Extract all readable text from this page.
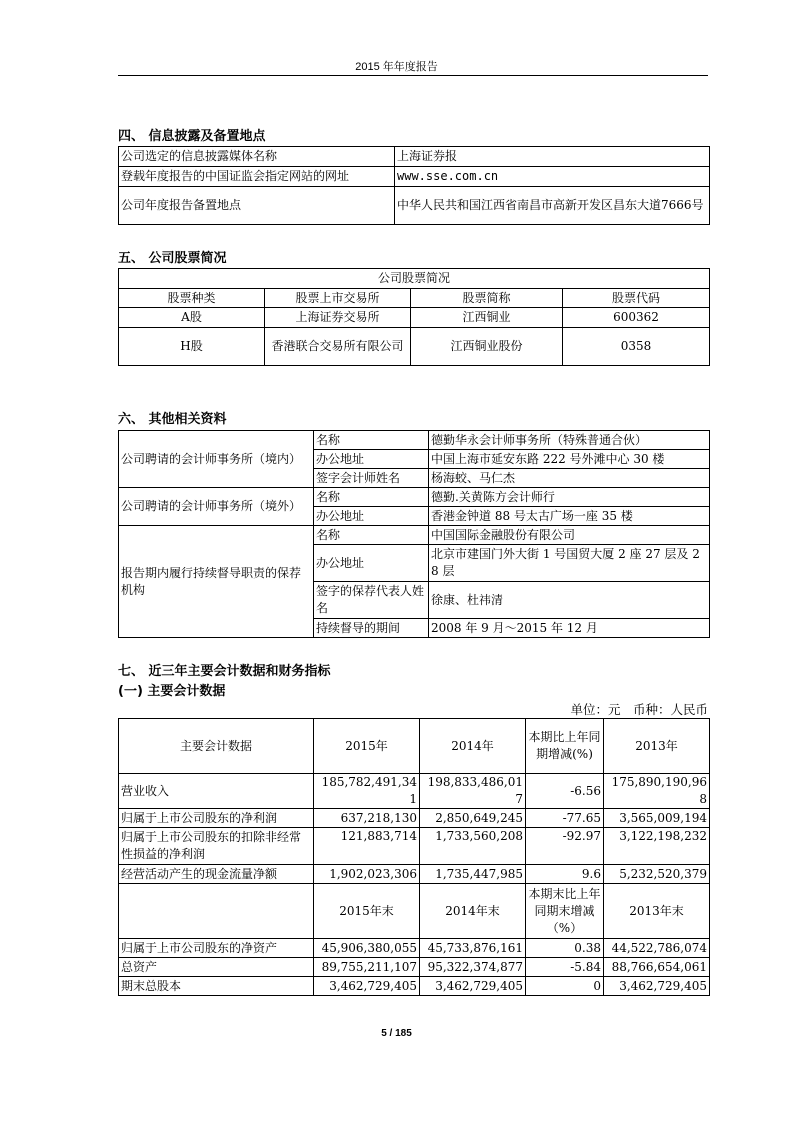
2015 年年度报告
四、 信息披露及备置地点
公司选定的信息披露媒体名称	上海证券报
登载年度报告的中国证监会指定网站的网址	www.sse.com.cn
公司年度报告备置地点	中华人民共和国江西省南昌市高新开发区昌东大道7666号
五、 公司股票简况
公司股票简况			
股票种类	股票上市交易所	股票简称	股票代码
A股	上海证券交易所	江西铜业	600362
H股	香港联合交易所有限公司	江西铜业股份	0358
六、 其他相关资料
公司聘请的会计师事务所（境内）	名称	德勤华永会计师事务所（特殊普通合伙）
	办公地址	中国上海市延安东路 222 号外滩中心 30 楼
	签字会计师姓名	杨海蛟、马仁杰
公司聘请的会计师事务所（境外）	名称	德勤.关黄陈方会计师行
	办公地址	香港金钟道 88 号太古广场一座 35 楼
报告期内履行持续督导职责的保荐机构	名称	中国国际金融股份有限公司
	办公地址	北京市建国门外大街 1 号国贸大厦 2 座 27 层及 28 层
	签字的保荐代表人姓名	徐康、杜祎清
	持续督导的期间	2008 年 9 月～2015 年 12 月
七、 近三年主要会计数据和财务指标
(一) 主要会计数据
单位：元　币种：人民币
主要会计数据	2015年	2014年	本期比上年同期增减(%)	2013年
营业收入	185,782,491,341	198,833,486,017	-6.56	175,890,190,968
归属于上市公司股东的净利润	637,218,130	2,850,649,245	-77.65	3,565,009,194
归属于上市公司股东的扣除非经常性损益的净利润	121,883,714	1,733,560,208	-92.97	3,122,198,232
经营活动产生的现金流量净额	1,902,023,306	1,735,447,985	9.6	5,232,520,379
	2015年末	2014年末	本期末比上年同期末增减（%）	2013年末
归属于上市公司股东的净资产	45,906,380,055	45,733,876,161	0.38	44,522,786,074
总资产	89,755,211,107	95,322,374,877	-5.84	88,766,654,061
期末总股本	3,462,729,405	3,462,729,405	0	3,462,729,405
5 / 185
